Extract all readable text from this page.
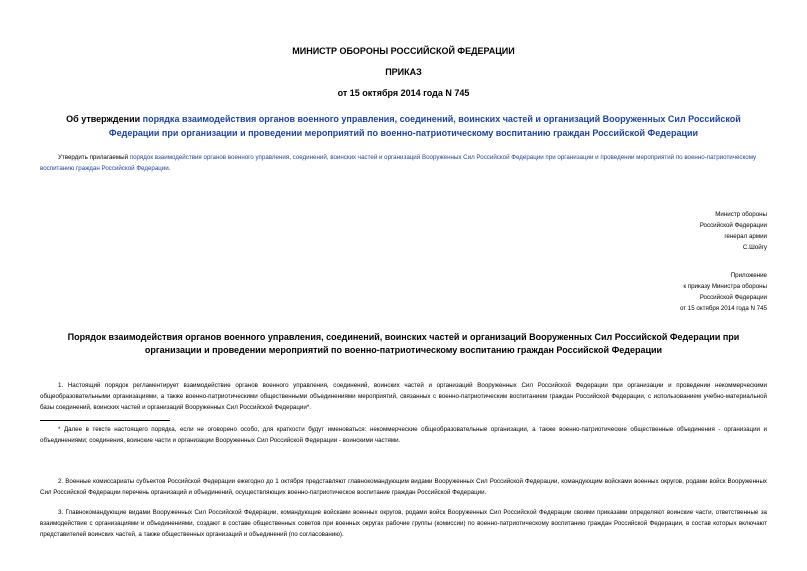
МИНИСТР ОБОРОНЫ РОССИЙСКОЙ ФЕДЕРАЦИИ
ПРИКАЗ
от 15 октября 2014 года N 745
Об утверждении порядка взаимодействия органов военного управления, соединений, воинских частей и организаций Вооруженных Сил Российской Федерации при организации и проведении мероприятий по военно-патриотическому воспитанию граждан Российской Федерации
Утвердить прилагаемый порядок взаимодействия органов военного управления, соединений, воинских частей и организаций Вооруженных Сил Российской Федерации при организации и проведении мероприятий по военно-патриотическому воспитанию граждан Российской Федерации.
Министр обороны
Российской Федерации
генерал армии
С.Шойгу
Приложение
к приказу Министра обороны
Российской Федерации
от 15 октября 2014 года N 745
Порядок взаимодействия органов военного управления, соединений, воинских частей и организаций Вооруженных Сил Российской Федерации при организации и проведении мероприятий по военно-патриотическому воспитанию граждан Российской Федерации
1. Настоящий порядок регламентирует взаимодействие органов военного управления, соединений, воинских частей и организаций Вооруженных Сил Российской Федерации при организации и проведении некоммерческими общеобразовательными организациями, а также военно-патриотическими общественными объединениями мероприятий, связанных с военно-патриотическим воспитанием граждан Российской Федерации, с использованием учебно-материальной базы соединений, воинских частей и организаций Вооруженных Сил Российской Федерации*.
* Далее в тексте настоящего порядка, если не оговорено особо, для краткости будут именоваться: некоммерческие общеобразовательные организации, а также военно-патриотические общественные объединения - организации и объединениями; соединения, воинские части и организации Вооруженных Сил Российской Федерации - воинскими частями.
2. Военные комиссариаты субъектов Российской Федерации ежегодно до 1 октября представляют главнокомандующим видами Вооруженных Сил Российской Федерации, командующим войсками военных округов, родами войск Вооруженных Сил Российской Федерации перечень организаций и объединений, осуществляющих военно-патриотическое воспитание граждан Российской Федерации.
3. Главнокомандующие видами Вооруженных Сил Российской Федерации, командующие войсками военных округов, родами войск Вооруженных Сил Российской Федерации своими приказами определяют воинские части, ответственные за взаимодействие с организациями и объединениями, создают в составе общественных советов при военных округах рабочие группы (комиссии) по военно-патриотическому воспитанию граждан Российской Федерации, в состав которых включают представителей воинских частей, а также общественных организаций и объединений (по согласованию).
